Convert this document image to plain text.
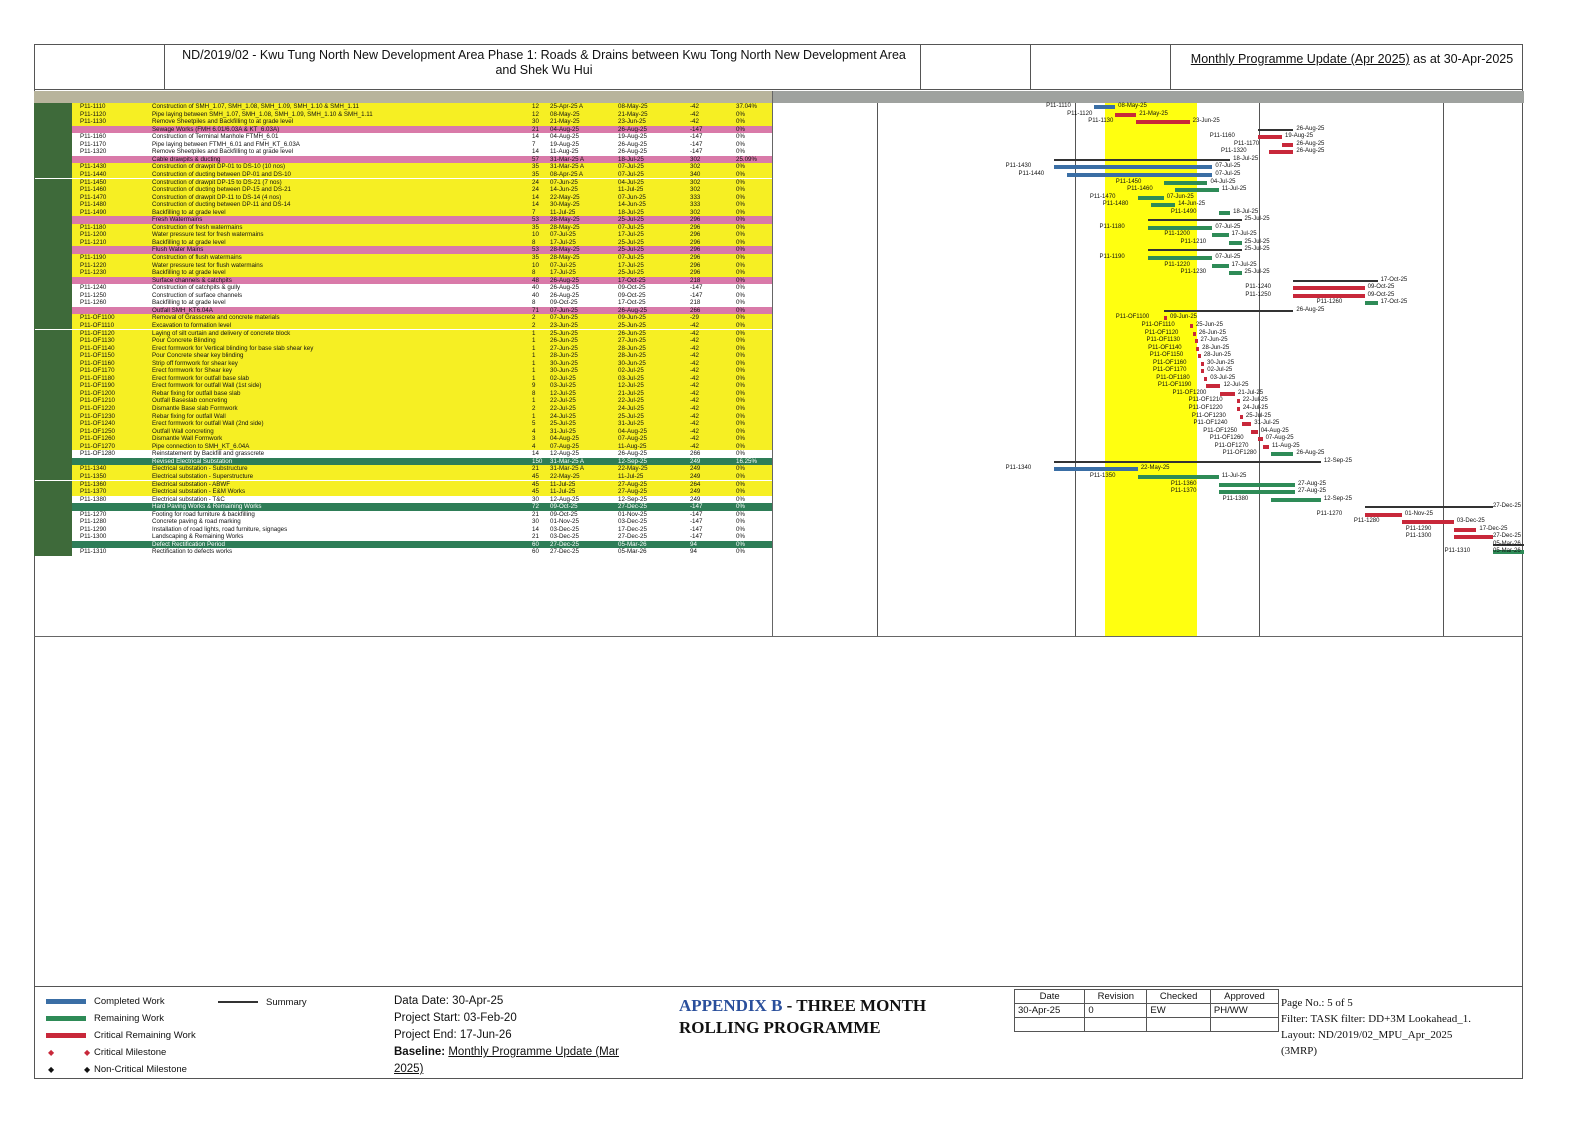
ND/2019/02 - Kwu Tung North New Development Area Phase 1: Roads & Drains between Kwu Tong North New Development Area
and Shek Wu Hui
Monthly Programme Update (Apr 2025) as at 30-Apr-2025
P11-1110	Construction of SMH_1.07, SMH_1.08, SMH_1.09, SMH_1.10 & SMH_1.11	12	25-Apr-25 A	08-May-25	-42	37.04%
P11-1120	Pipe laying between SMH_1.07, SMH_1.08, SMH_1.09, SMH_1.10 & SMH_1.11	12	08-May-25	21-May-25	-42	0%
P11-1130	Remove Sheetpiles and Backfilling to at grade level	30	21-May-25	23-Jun-25	-42	0%
Sewage Works (FMH 6.01/6.03A & KT_6.03A)	21	04-Aug-25	26-Aug-25	-147	0%
P11-1160	Construction of Terminal Manhole FTMH_6.01	14	04-Aug-25	19-Aug-25	-147	0%
P11-1170	Pipe laying between FTMH_6.01 and FMH_KT_6.03A	7	19-Aug-25	26-Aug-25	-147	0%
P11-1320	Remove Sheetpiles and Backfilling to at grade level	14	11-Aug-25	26-Aug-25	-147	0%
Cable drawpits & ducting	57	31-Mar-25 A	18-Jul-25	302	25.09%
P11-1430	Construction of drawpit DP-01 to DS-10 (10 nos)	35	31-Mar-25 A	07-Jul-25	302	0%
P11-1440	Construction of ducting between DP-01 and DS-10	35	08-Apr-25 A	07-Jul-25	340	0%
P11-1450	Construction of drawpit DP-15 to DS-21 (7 nos)	24	07-Jun-25	04-Jul-25	302	0%
P11-1460	Construction of ducting between DP-15 and DS-21	24	14-Jun-25	11-Jul-25	302	0%
P11-1470	Construction of drawpit DP-11 to DS-14 (4 nos)	14	22-May-25	07-Jun-25	333	0%
P11-1480	Construction of ducting between DP-11 and DS-14	14	30-May-25	14-Jun-25	333	0%
P11-1490	Backfilling to at grade level	7	11-Jul-25	18-Jul-25	302	0%
Fresh Watermains	53	28-May-25	25-Jul-25	296	0%
P11-1180	Construction of fresh watermains	35	28-May-25	07-Jul-25	296	0%
P11-1200	Water pressure test for fresh watermains	10	07-Jul-25	17-Jul-25	296	0%
P11-1210	Backfilling to at grade level	8	17-Jul-25	25-Jul-25	296	0%
Flush Water Mains	53	28-May-25	25-Jul-25	296	0%
P11-1190	Construction of flush watermains	35	28-May-25	07-Jul-25	296	0%
P11-1220	Water pressure test for flush watermains	10	07-Jul-25	17-Jul-25	296	0%
P11-1230	Backfilling to at grade level	8	17-Jul-25	25-Jul-25	296	0%
Surface channels & catchpits	48	26-Aug-25	17-Oct-25	218	0%
P11-1240	Construction of catchpits & gully	40	26-Aug-25	09-Oct-25	-147	0%
P11-1250	Construction of surface channels	40	26-Aug-25	09-Oct-25	-147	0%
P11-1260	Backfilling to at grade level	8	09-Oct-25	17-Oct-25	218	0%
Outfall SMH_KT6.04A	71	07-Jun-25	26-Aug-25	266	0%
P11-OF1100	Removal of Grasscrete and concrete materials	2	07-Jun-25	09-Jun-25	-29	0%
P11-OF1110	Excavation to formation level	2	23-Jun-25	25-Jun-25	-42	0%
P11-OF1120	Laying of silt curtain and delivery of concrete block	1	25-Jun-25	26-Jun-25	-42	0%
P11-OF1130	Pour Concrete Blinding	1	26-Jun-25	27-Jun-25	-42	0%
P11-OF1140	Erect formwork for Vertical blinding for base slab shear key	1	27-Jun-25	28-Jun-25	-42	0%
P11-OF1150	Pour Concrete shear key blinding	1	28-Jun-25	28-Jun-25	-42	0%
P11-OF1160	Strip off formwork for shear key	1	30-Jun-25	30-Jun-25	-42	0%
P11-OF1170	Erect formwork for Shear key	1	30-Jun-25	02-Jul-25	-42	0%
P11-OF1180	Erect formwork for outfall base slab	1	02-Jul-25	03-Jul-25	-42	0%
P11-OF1190	Erect formwork for outfall Wall (1st side)	9	03-Jul-25	12-Jul-25	-42	0%
P11-OF1200	Rebar fixing for outfall base slab	8	12-Jul-25	21-Jul-25	-42	0%
P11-OF1210	Outfall Baseslab concreting	1	22-Jul-25	22-Jul-25	-42	0%
P11-OF1220	Dismantle Base slab Formwork	2	22-Jul-25	24-Jul-25	-42	0%
P11-OF1230	Rebar fixing for outfall Wall	1	24-Jul-25	25-Jul-25	-42	0%
P11-OF1240	Erect formwork for outfall Wall (2nd side)	5	25-Jul-25	31-Jul-25	-42	0%
P11-OF1250	Outfall Wall concreting	4	31-Jul-25	04-Aug-25	-42	0%
P11-OF1260	Dismantle Wall Formwork	3	04-Aug-25	07-Aug-25	-42	0%
P11-OF1270	Pipe connection to SMH_KT_6.04A	4	07-Aug-25	11-Aug-25	-42	0%
P11-OF1280	Reinstatement by Backfill and grasscrete	14	12-Aug-25	26-Aug-25	266	0%
Revised Electrical Substation	150	31-Mar-25 A	12-Sep-25	249	16.25%
P11-1340	Electrical substation - Substructure	21	31-Mar-25 A	22-May-25	249	0%
P11-1350	Electrical substation - Superstructure	45	22-May-25	11-Jul-25	249	0%
P11-1360	Electrical substation - ABWF	45	11-Jul-25	27-Aug-25	264	0%
P11-1370	Electrical substation - E&M Works	45	11-Jul-25	27-Aug-25	249	0%
P11-1380	Electrical substation - T&C	30	12-Aug-25	12-Sep-25	249	0%
Hard Paving Works & Remaining Works	72	09-Oct-25	27-Dec-25	-147	0%
P11-1270	Footing for road furniture & backfilling	21	09-Oct-25	01-Nov-25	-147	0%
P11-1280	Concrete paving & road marking	30	01-Nov-25	03-Dec-25	-147	0%
P11-1290	Installation of road lights, road furniture, signages	14	03-Dec-25	17-Dec-25	-147	0%
P11-1300	Landscaping & Remaining Works	21	03-Dec-25	27-Dec-25	-147	0%
Defect Rectification Period	60	27-Dec-25	05-Mar-26	94	0%
P11-1310	Rectification to defects works	60	27-Dec-25	05-Mar-26	94	0%
08-May-25
P11-1110
21-May-25
P11-1120
23-Jun-25
P11-1130
26-Aug-25
19-Aug-25
P11-1160
26-Aug-25
P11-1170
26-Aug-25
P11-1320
18-Jul-25
07-Jul-25
P11-1430
07-Jul-25
P11-1440
04-Jul-25
P11-1450
11-Jul-25
P11-1460
07-Jun-25
P11-1470
14-Jun-25
P11-1480
18-Jul-25
P11-1490
25-Jul-25
07-Jul-25
P11-1180
17-Jul-25
P11-1200
25-Jul-25
P11-1210
25-Jul-25
07-Jul-25
P11-1190
17-Jul-25
P11-1220
25-Jul-25
P11-1230
17-Oct-25
09-Oct-25
P11-1240
09-Oct-25
P11-1250
17-Oct-25
P11-1260
26-Aug-25
09-Jun-25
P11-OF1100
25-Jun-25
P11-OF1110
26-Jun-25
P11-OF1120
27-Jun-25
P11-OF1130
28-Jun-25
P11-OF1140
28-Jun-25
P11-OF1150
30-Jun-25
P11-OF1160
02-Jul-25
P11-OF1170
03-Jul-25
P11-OF1180
12-Jul-25
P11-OF1190
21-Jul-25
P11-OF1200
22-Jul-25
P11-OF1210
24-Jul-25
P11-OF1220
25-Jul-25
P11-OF1230
31-Jul-25
P11-OF1240
04-Aug-25
P11-OF1250
07-Aug-25
P11-OF1260
11-Aug-25
P11-OF1270
26-Aug-25
P11-OF1280
12-Sep-25
22-May-25
P11-1340
11-Jul-25
P11-1350
27-Aug-25
P11-1360
27-Aug-25
P11-1370
12-Sep-25
P11-1380
27-Dec-25
01-Nov-25
P11-1270
03-Dec-25
P11-1280
17-Dec-25
P11-1290
27-Dec-25
P11-1300
05-Mar-26
05-Mar-26
P11-1310
Completed Work
Remaining Work
Critical Remaining Work
◆	◆ Critical Milestone
◆	◆ Non-Critical Milestone
Summary	Data Date: 30-Apr-25
Project Start: 03-Feb-20
Project End: 17-Jun-26
Baseline: Monthly Programme Update (Mar 2025)
APPENDIX B - THREE MONTH
ROLLING PROGRAMME
Date	Revision	Checked	Approved
30-Apr-25	0	EW	PH/WW

Page No.: 5 of 5
Filter: TASK filter: DD+3M Lookahead_1.
Layout: ND/2019/02_MPU_Apr_2025
(3MRP)
